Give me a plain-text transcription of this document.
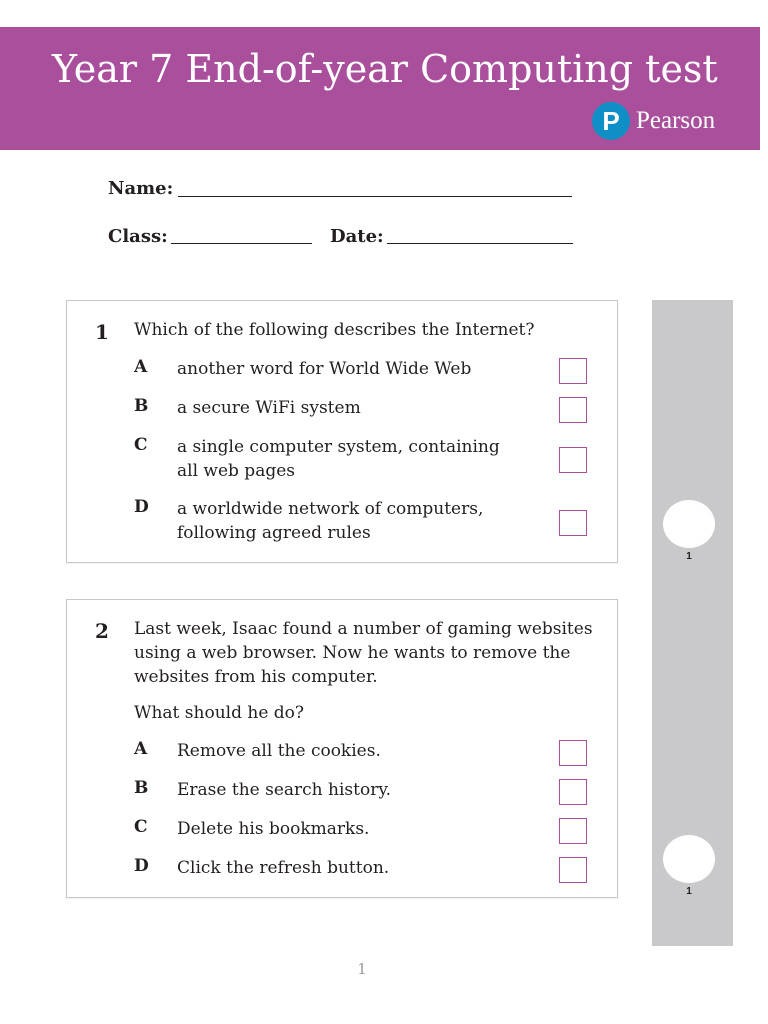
Year 7 End-of-year Computing test
P Pearson
Name:
Class:	Date:
1
1
1 Which of the following describes the Internet?
A another word for World Wide Web
B a secure WiFi system
C a single computer system, containing all web pages
D a worldwide network of computers, following agreed rules
2 Last week, Isaac found a number of gaming websites using a web browser. Now he wants to remove the websites from his computer.
What should he do?
A Remove all the cookies.
B Erase the search history.
C Delete his bookmarks.
D Click the refresh button.
1
